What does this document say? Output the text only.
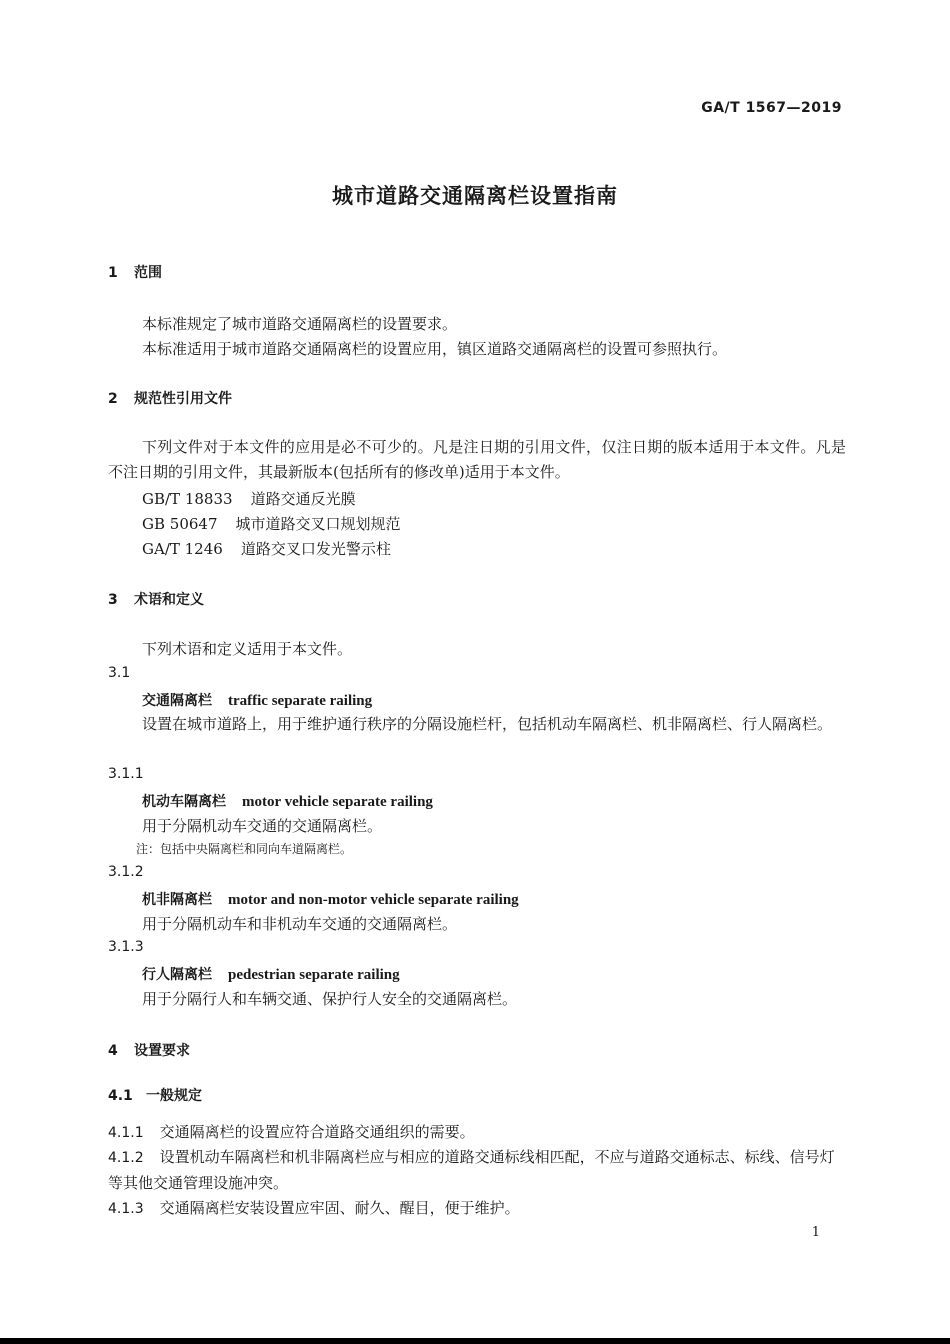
GA/T 1567—2019
城市道路交通隔离栏设置指南
1 范围
本标准规定了城市道路交通隔离栏的设置要求。
本标准适用于城市道路交通隔离栏的设置应用，镇区道路交通隔离栏的设置可参照执行。
2 规范性引用文件
下列文件对于本文件的应用是必不可少的。凡是注日期的引用文件，仅注日期的版本适用于本文件。凡是不注日期的引用文件，其最新版本(包括所有的修改单)适用于本文件。
GB/T 18833 道路交通反光膜
GB 50647 城市道路交叉口规划规范
GA/T 1246 道路交叉口发光警示柱
3 术语和定义
下列术语和定义适用于本文件。
3.1
交通隔离栏 traffic separate railing
设置在城市道路上，用于维护通行秩序的分隔设施栏杆，包括机动车隔离栏、机非隔离栏、行人隔离栏。
3.1.1
机动车隔离栏 motor vehicle separate railing
用于分隔机动车交通的交通隔离栏。
注：包括中央隔离栏和同向车道隔离栏。
3.1.2
机非隔离栏 motor and non-motor vehicle separate railing
用于分隔机动车和非机动车交通的交通隔离栏。
3.1.3
行人隔离栏 pedestrian separate railing
用于分隔行人和车辆交通、保护行人安全的交通隔离栏。
4 设置要求
4.1 一般规定
4.1.1 交通隔离栏的设置应符合道路交通组织的需要。
4.1.2 设置机动车隔离栏和机非隔离栏应与相应的道路交通标线相匹配，不应与道路交通标志、标线、信号灯等其他交通管理设施冲突。
4.1.3 交通隔离栏安装设置应牢固、耐久、醒目，便于维护。
1
